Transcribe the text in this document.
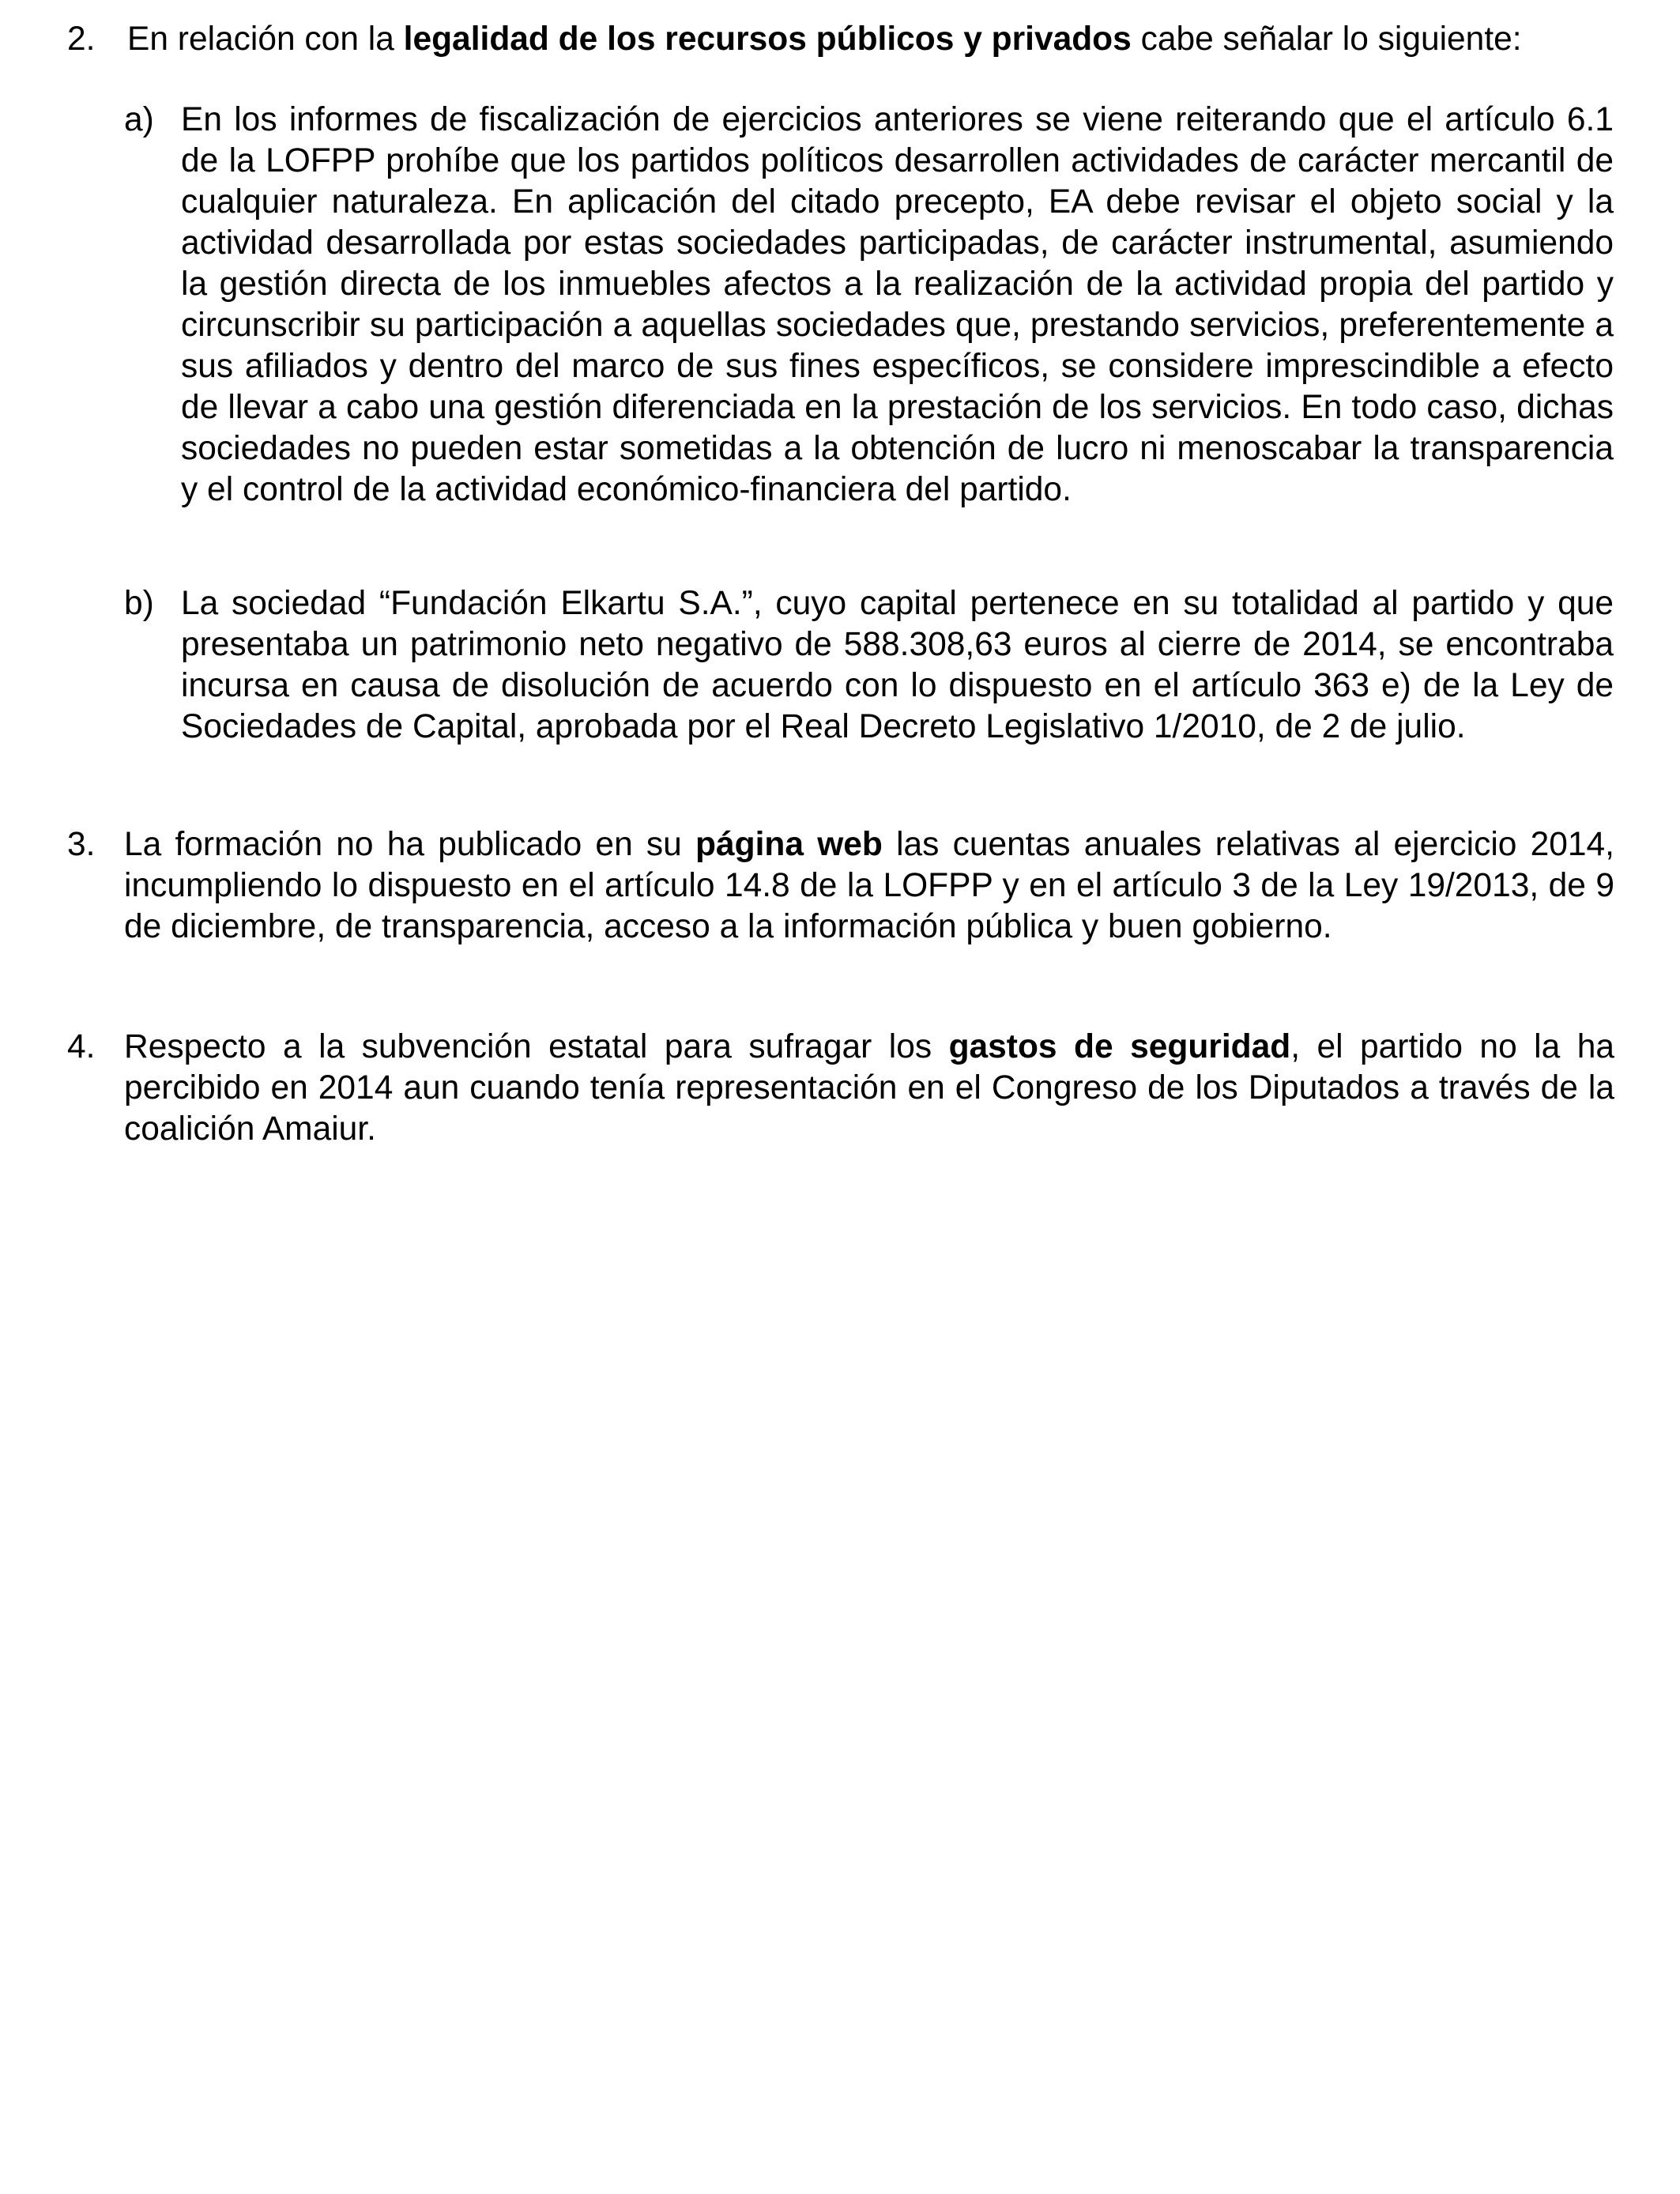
2. En relación con la legalidad de los recursos públicos y privados cabe señalar lo siguiente:
a) En los informes de fiscalización de ejercicios anteriores se viene reiterando que el artículo 6.1 de la LOFPP prohíbe que los partidos políticos desarrollen actividades de carácter mercantil de cualquier naturaleza. En aplicación del citado precepto, EA debe revisar el objeto social y la actividad desarrollada por estas sociedades participadas, de carácter instrumental, asumiendo la gestión directa de los inmuebles afectos a la realización de la actividad propia del partido y circunscribir su participación a aquellas sociedades que, prestando servicios, preferentemente a sus afiliados y dentro del marco de sus fines específicos, se considere imprescindible a efecto de llevar a cabo una gestión diferenciada en la prestación de los servicios. En todo caso, dichas sociedades no pueden estar sometidas a la obtención de lucro ni menoscabar la transparencia y el control de la actividad económico-financiera del partido.
b) La sociedad “Fundación Elkartu S.A.”, cuyo capital pertenece en su totalidad al partido y que presentaba un patrimonio neto negativo de 588.308,63 euros al cierre de 2014, se encontraba incursa en causa de disolución de acuerdo con lo dispuesto en el artículo 363 e) de la Ley de Sociedades de Capital, aprobada por el Real Decreto Legislativo 1/2010, de 2 de julio.
3. La formación no ha publicado en su página web las cuentas anuales relativas al ejercicio 2014, incumpliendo lo dispuesto en el artículo 14.8 de la LOFPP y en el artículo 3 de la Ley 19/2013, de 9 de diciembre, de transparencia, acceso a la información pública y buen gobierno.
4. Respecto a la subvención estatal para sufragar los gastos de seguridad, el partido no la ha percibido en 2014 aun cuando tenía representación en el Congreso de los Diputados a través de la coalición Amaiur.
